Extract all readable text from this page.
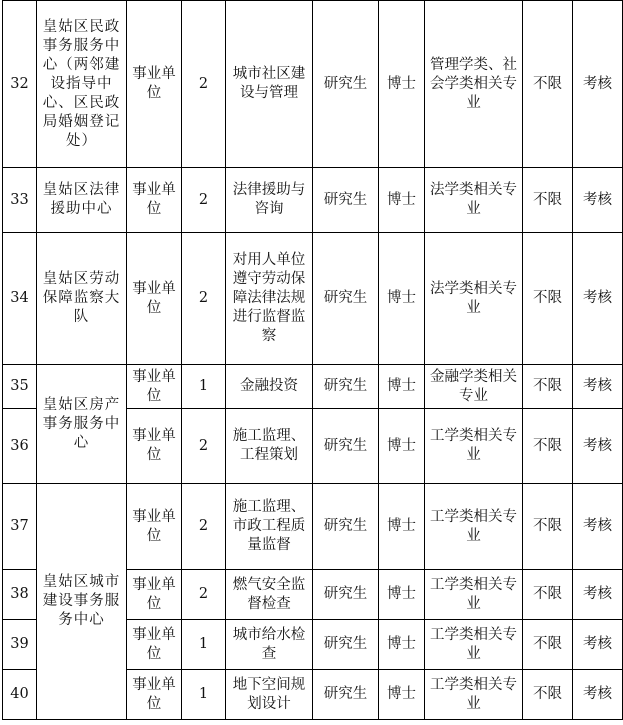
32	皇姑区民政事务服务中心（两邻建设指导中心、区民政局婚姻登记处）	事业单位	2	城市社区建设与管理	研究生	博士	管理学类、社会学类相关专业	不限	考核
33	皇姑区法律援助中心	事业单位	2	法律援助与咨询	研究生	博士	法学类相关专业	不限	考核
34	皇姑区劳动保障监察大队	事业单位	2	对用人单位遵守劳动保障法律法规进行监督监察	研究生	博士	法学类相关专业	不限	考核
35	皇姑区房产事务服务中心	事业单位	1	金融投资	研究生	博士	金融学类相关专业	不限	考核
36		事业单位	2	施工监理、工程策划	研究生	博士	工学类相关专业	不限	考核
37	皇姑区城市建设事务服务中心	事业单位	2	施工监理、市政工程质量监督	研究生	博士	工学类相关专业	不限	考核
38		事业单位	2	燃气安全监督检查	研究生	博士	工学类相关专业	不限	考核
39		事业单位	1	城市给水检查	研究生	博士	工学类相关专业	不限	考核
40		事业单位	1	地下空间规划设计	研究生	博士	工学类相关专业	不限	考核
